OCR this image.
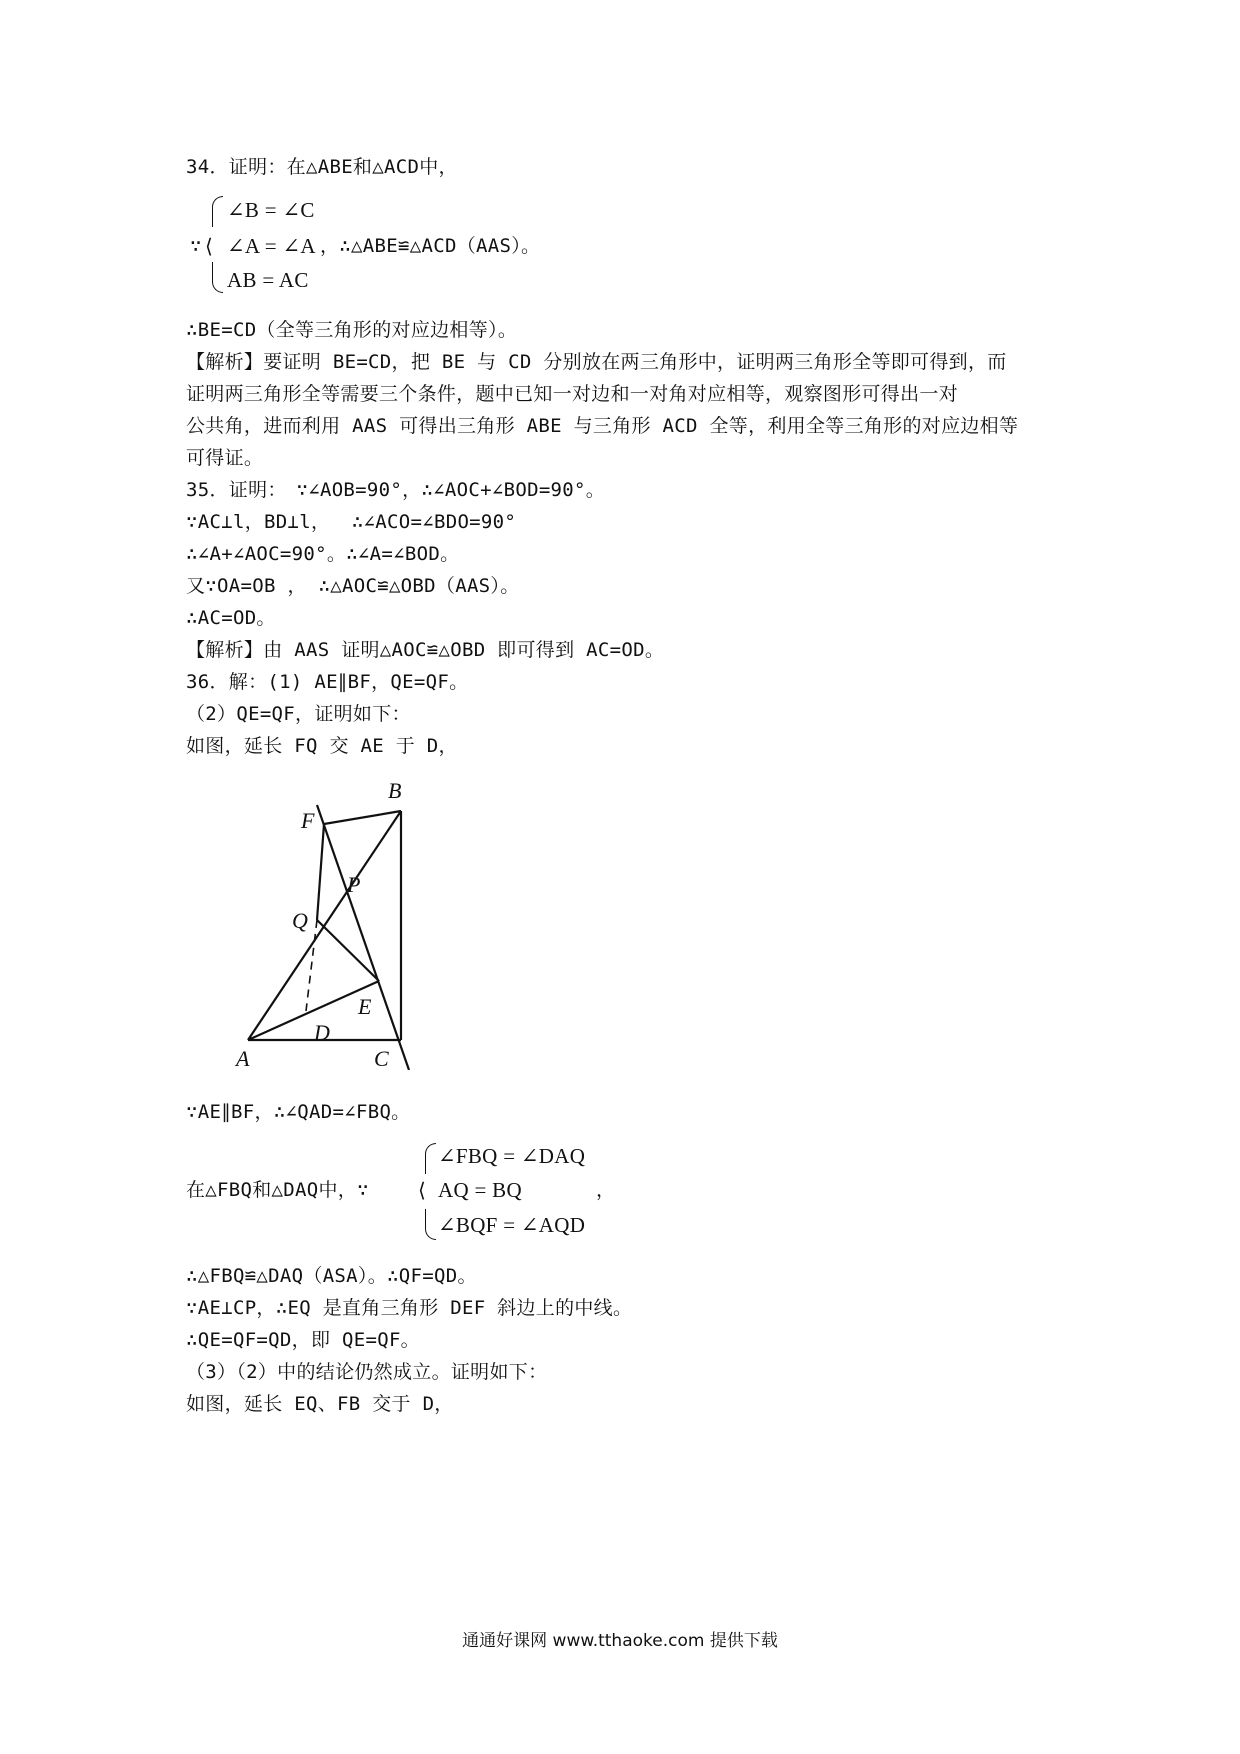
34．证明：在△ABE和△ACD中，
∵ ⟨
∠B = ∠C
∠A = ∠A
AB = AC
，∴△ABE≌△ACD（AAS）。
∴BE=CD（全等三角形的对应边相等）。
【解析】要证明 BE=CD，把 BE 与 CD 分别放在两三角形中，证明两三角形全等即可得到，而
证明两三角形全等需要三个条件，题中已知一对边和一对角对应相等，观察图形可得出一对
公共角，进而利用 AAS 可得出三角形 ABE 与三角形 ACD 全等，利用全等三角形的对应边相等
可得证。
35．证明：　∵∠AOB=90°，∴∠AOC+∠BOD=90°。
∵AC⊥l，BD⊥l，　 ∴∠ACO=∠BDO=90°
∴∠A+∠AOC=90°。∴∠A=∠BOD。
又∵OA=OB ， ∴△AOC≌△OBD（AAS）。
∴AC=OD。
【解析】由 AAS 证明△AOC≌△OBD 即可得到 AC=OD。
36．解：(1) AE∥BF，QE=QF。
（2）QE=QF，证明如下：
如图，延长 FQ 交 AE 于 D，
B
F
P
Q
E
D
A	C
∵AE∥BF，∴∠QAD=∠FBQ。
在△FBQ和△DAQ中，∵ ⟨
∠FBQ = ∠DAQ
AQ = BQ
∠BQF = ∠AQD
，
∴△FBQ≌△DAQ（ASA）。∴QF=QD。
∵AE⊥CP，∴EQ 是直角三角形 DEF 斜边上的中线。
∴QE=QF=QD，即 QE=QF。
（3）（2）中的结论仍然成立。证明如下：
如图，延长 EQ、FB 交于 D，
通通好课网 www.tthaoke.com 提供下载
